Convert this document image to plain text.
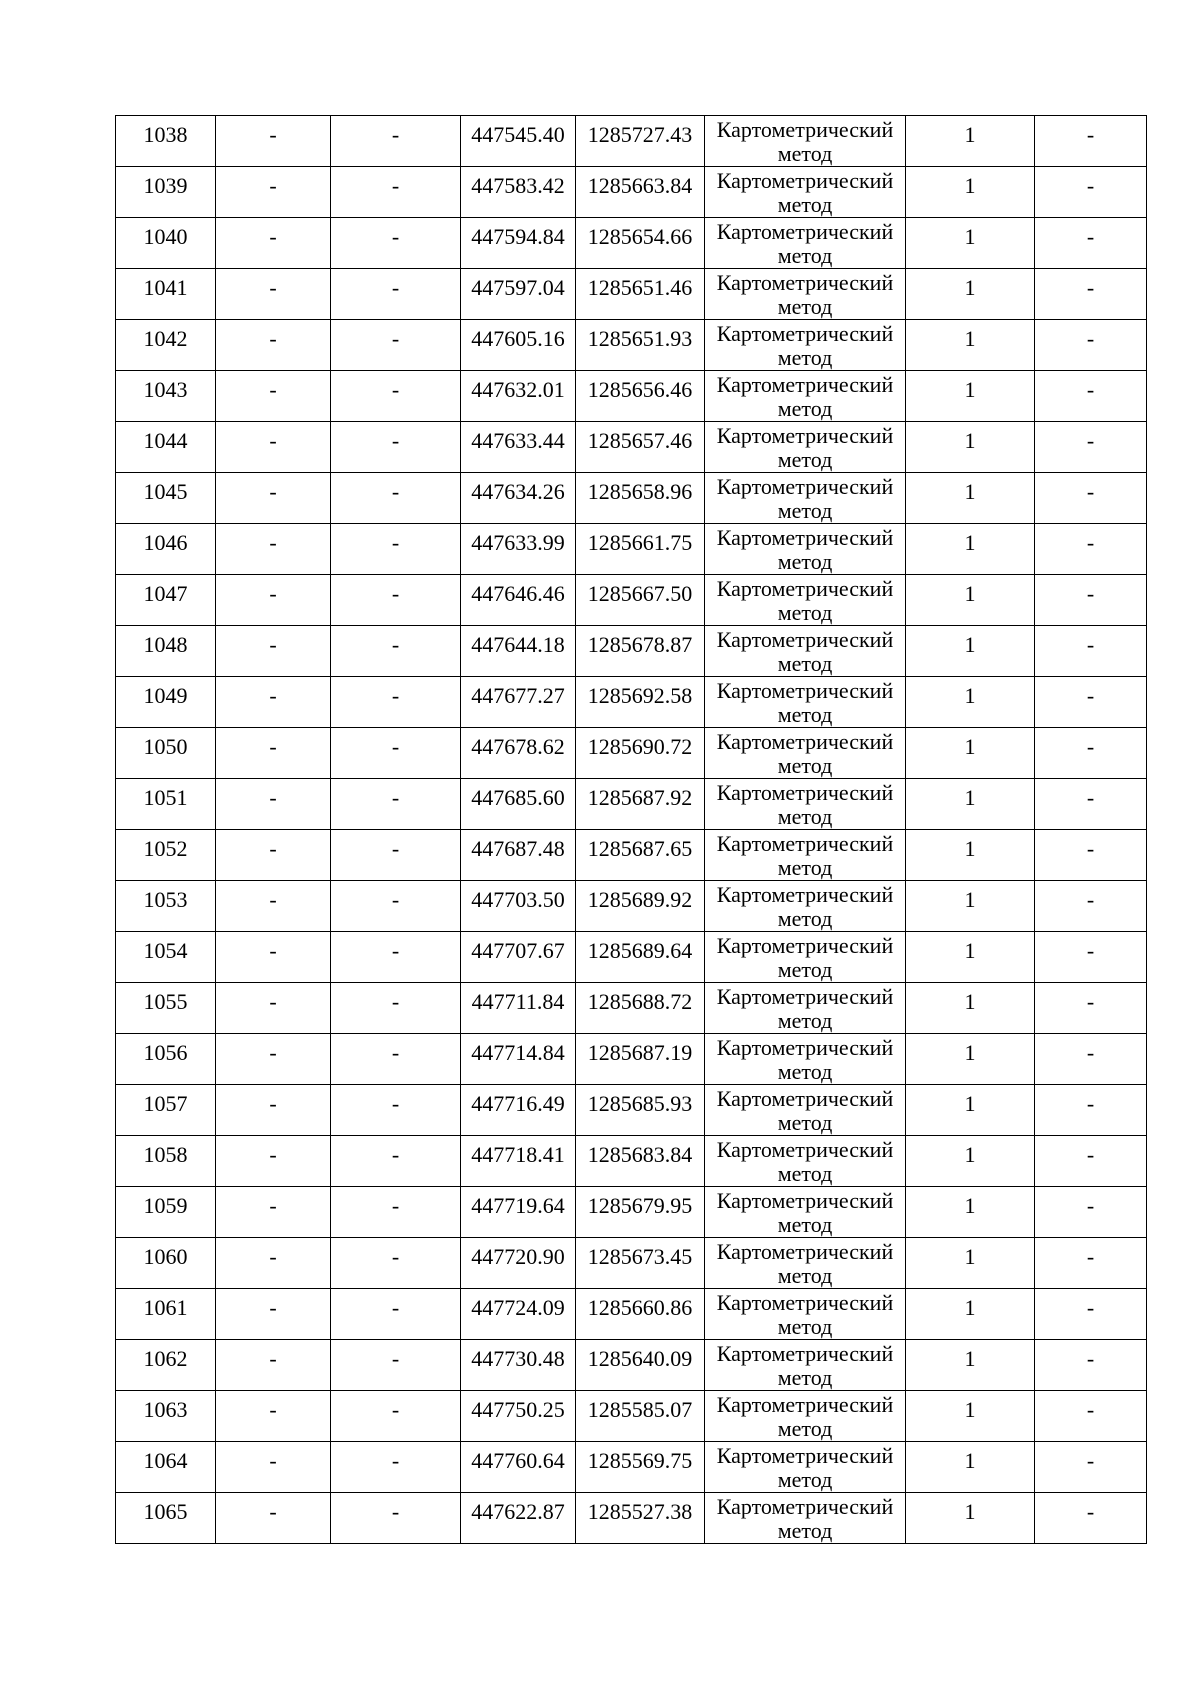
1038	-	-	447545.40	1285727.43	Картометрический метод	1	-
1039	-	-	447583.42	1285663.84	Картометрический метод	1	-
1040	-	-	447594.84	1285654.66	Картометрический метод	1	-
1041	-	-	447597.04	1285651.46	Картометрический метод	1	-
1042	-	-	447605.16	1285651.93	Картометрический метод	1	-
1043	-	-	447632.01	1285656.46	Картометрический метод	1	-
1044	-	-	447633.44	1285657.46	Картометрический метод	1	-
1045	-	-	447634.26	1285658.96	Картометрический метод	1	-
1046	-	-	447633.99	1285661.75	Картометрический метод	1	-
1047	-	-	447646.46	1285667.50	Картометрический метод	1	-
1048	-	-	447644.18	1285678.87	Картометрический метод	1	-
1049	-	-	447677.27	1285692.58	Картометрический метод	1	-
1050	-	-	447678.62	1285690.72	Картометрический метод	1	-
1051	-	-	447685.60	1285687.92	Картометрический метод	1	-
1052	-	-	447687.48	1285687.65	Картометрический метод	1	-
1053	-	-	447703.50	1285689.92	Картометрический метод	1	-
1054	-	-	447707.67	1285689.64	Картометрический метод	1	-
1055	-	-	447711.84	1285688.72	Картометрический метод	1	-
1056	-	-	447714.84	1285687.19	Картометрический метод	1	-
1057	-	-	447716.49	1285685.93	Картометрический метод	1	-
1058	-	-	447718.41	1285683.84	Картометрический метод	1	-
1059	-	-	447719.64	1285679.95	Картометрический метод	1	-
1060	-	-	447720.90	1285673.45	Картометрический метод	1	-
1061	-	-	447724.09	1285660.86	Картометрический метод	1	-
1062	-	-	447730.48	1285640.09	Картометрический метод	1	-
1063	-	-	447750.25	1285585.07	Картометрический метод	1	-
1064	-	-	447760.64	1285569.75	Картометрический метод	1	-
1065	-	-	447622.87	1285527.38	Картометрический метод	1	-
